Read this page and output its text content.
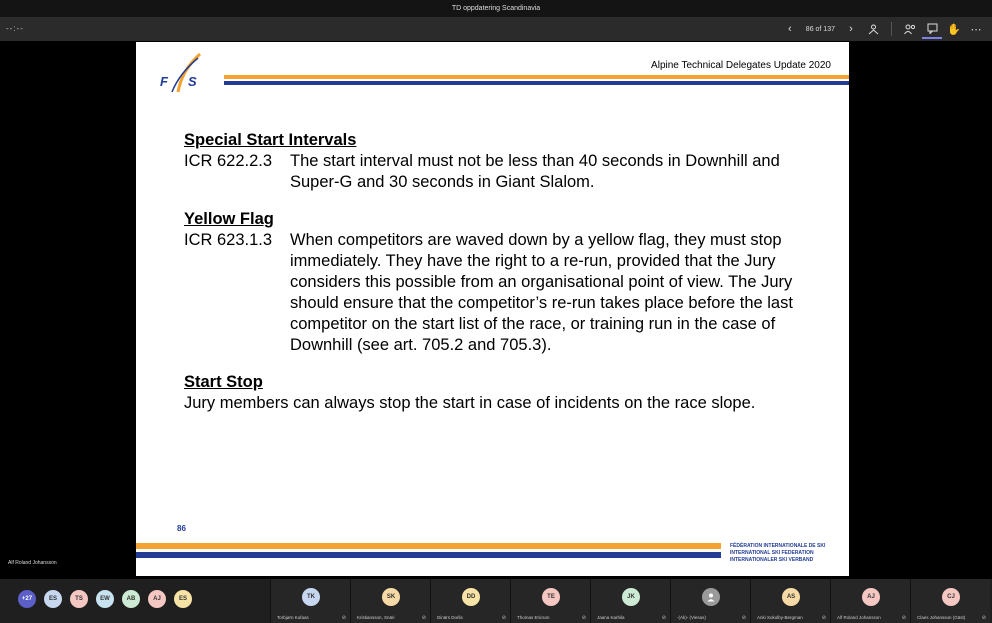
TD oppdatering Scandinavia
--:--	‹	86 of 137	›	✋ ⋯
F S
Alpine Technical Delegates Update 2020
Special Start Intervals
ICR 622.2.3	The start interval must not be less than 40 seconds in Downhill and Super-G and 30 seconds in Giant Slalom.
Yellow Flag
ICR 623.1.3	When competitors are waved down by a yellow flag, they must stop immediately. They have the right to a re-run, provided that the Jury considers this possible from an organisational point of view. The Jury should ensure that the competitor’s re-run takes place before the last competitor on the start list of the race, or training run in the case of Downhill (see art. 705.2 and 705.3).
Start Stop
Jury members can always stop the start in case of incidents on the race slope.
86
FÉDÉRATION INTERNATIONALE DE SKI
INTERNATIONAL SKI FEDERATION
INTERNATIONALER SKI VERBAND
Alf Roland Johansson
+27	ES	TS	EW	AB	AJ	ES	TK
Torbjørn Kufaas	⊘
SK
Kristiansson, Snäri	⊘
DD
Dinärs Dorlis	⊘
TE
Thomas Ericson	⊘
JK
Jaana Karhila	⊘ -(Ak)- (Viesas)	⊘
AS
Anki Sokolby-Bergman	⊘
AJ
Alf Roland Johansson	⊘
CJ
Claes Johansson (Gäst)	⊘
